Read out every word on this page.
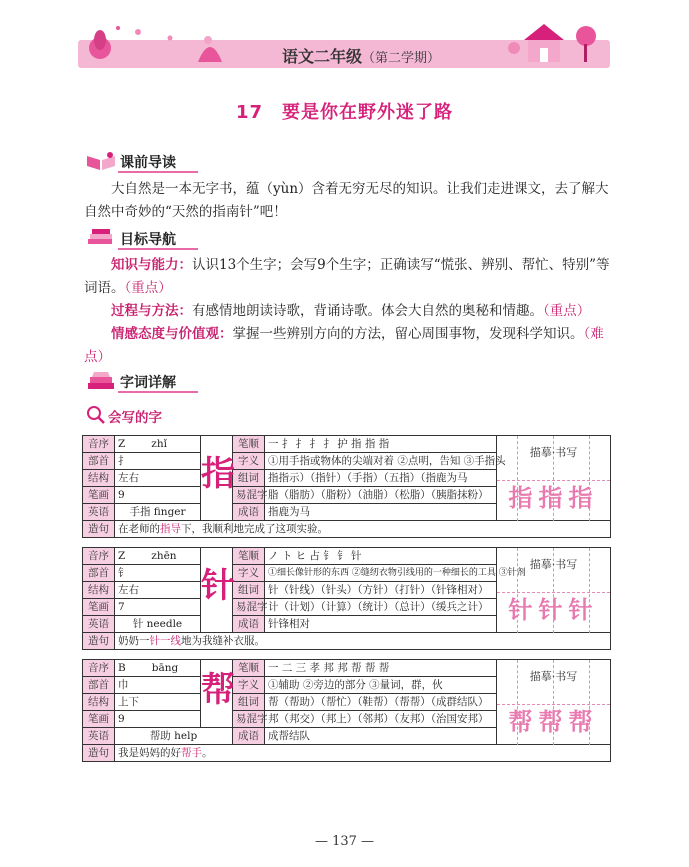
语文二年级（第二学期）
17　要是你在野外迷了路
课前导读
大自然是一本无字书，蕴（yùn）含着无穷无尽的知识。让我们走进课文，去了解大自然中奇妙的“天然的指南针”吧！
目标导航
知识与能力：认识13个生字；会写9个生字；正确读写“慌张、辨别、帮忙、特别”等词语。（重点）
过程与方法：有感情地朗读诗歌，背诵诗歌。体会大自然的奥秘和情趣。（重点）
情感态度与价值观：掌握一些辨别方向的方法，留心周围事物，发现科学知识。（难点）
字词详解
会写的字
音序	Z zhǐ	指	笔顺	一 扌 扌 扌 扌 护 指 指 指	
部首	扌		字义	①用手指或物体的尖端对着 ②点明，告知 ③手指头	
结构	左右		组词	指指示）（指针）（手指）（五指）（指鹿为马	
笔画	9		易混字	脂（脂肪）（脂粉）（油脂）（松脂）（胰脂抹粉）	
英语	手指 finger		成语	指鹿为马	
造句	在老师的指导下，我顺利地完成了这项实验。				
音序	Z zhēn	针	笔顺	ノ ト ヒ 占 钅 钅 针	
部首	钅		字义	①细长像针形的东西 ②缝纫衣物引线用的一种细长的工具 ③针剂	
结构	左右		组词	针（针线）（针头）（方针）（打针）（针锋相对）	
笔画	7		易混字	计（计划）（计算）（统计）（总计）（缓兵之计）	
英语	针 needle		成语	针锋相对	
造句	奶奶一针一线地为我缝补衣服。				
音序	B bāng	帮	笔顺	一 二 三 孝 邦 邦 帮 帮 帮	
部首	巾		字义	①辅助 ②旁边的部分 ③量词，群，伙	
结构	上下		组词	帮（帮助）（帮忙）（鞋帮）（帮帮）（成群结队）	
笔画	9		易混字	邦（邦交）（邦上）（邻邦）（友邦）（治国安邦）	
英语	帮助 help		成语	成帮结队	
造句	我是妈妈的好帮手。				
描摹·书写
指指指
描摹·书写
针针针
描摹·书写
帮帮帮
— 137 —
